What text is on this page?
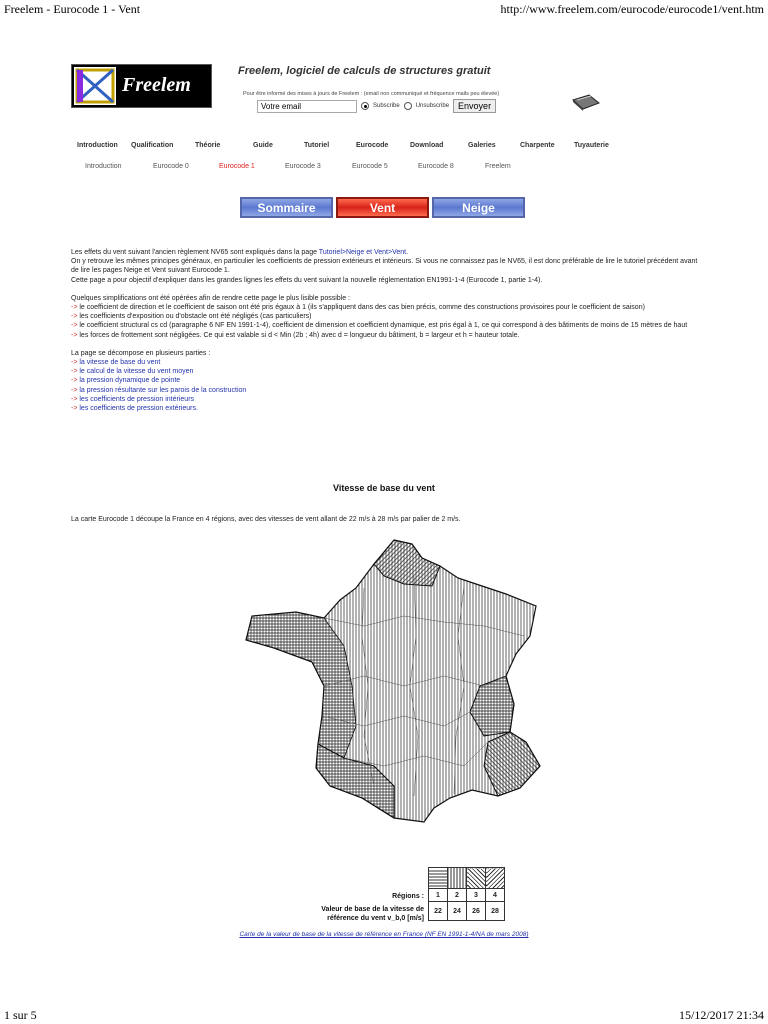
Freelem - Eurocode 1 - Vent	http://www.freelem.com/eurocode/eurocode1/vent.htm
Freelem
Freelem, logiciel de calculs de structures gratuit
Pour être informé des mises à jours de Freelem : (email non communiqué et fréquence mails peu élevée)
Votre email
Subscribe	Unsubscribe	Envoyer
Introduction Qualification	Théorie	Guide	Tutoriel	Eurocode	Download	Galeries	Charpente	Tuyauterie
Introduction	Eurocode 0	Eurocode 1	Eurocode 3	Eurocode 5	Eurocode 8	Freelem
Sommaire	Vent	Neige

Les effets du vent suivant l'ancien règlement NV65 sont expliqués dans la page Tutoriel>Neige et Vent>Vent.

On y retrouve les mêmes principes généraux, en particulier les coefficients de pression extérieurs et intérieurs. Si vous ne connaissez pas le NV65, il est donc préférable de lire le tutoriel précédent avant de lire les pages Neige et Vent suivant Eurocode 1.

Cette page a pour objectif d'expliquer dans les grandes lignes les effets du vent suivant la nouvelle réglementation EN1991-1-4 (Eurocode 1, partie 1-4).

Quelques simplifications ont été opérées afin de rendre cette page le plus lisible possible :

-> le coefficient de direction et le coefficient de saison ont été pris égaux à 1 (ils s'appliquent dans des cas bien précis, comme des constructions provisoires pour le coefficient de saison)

-> les coefficients d'exposition ou d'obstacle ont été négligés (cas particuliers)

-> le coefficient structural cs cd (paragraphe 6 NF EN 1991-1-4), coefficient de dimension et coefficient dynamique, est pris égal à 1, ce qui correspond à des bâtiments de moins de 15 mètres de haut

-> les forces de frottement sont négligées. Ce qui est valable si d < Min (2b ; 4h) avec d = longueur du bâtiment, b = largeur et h = hauteur totale.

La page se décompose en plusieurs parties :

-> la vitesse de base du vent

-> le calcul de la vitesse du vent moyen

-> la pression dynamique de pointe

-> la pression résultante sur les parois de la construction

-> les coefficients de pression intérieurs

-> les coefficients de pression extérieurs.

Vitesse de base du vent
La carte Eurocode 1 découpe la France en 4 régions, avec des vitesses de vent allant de 22 m/s à 28 m/s par palier de 2 m/s.
Régions :
Valeur de base de la vitesse de
référence du vent v_b,0 [m/s]

1	2	3	4
22	24	26	28
Carte de la valeur de base de la vitesse de référence en France (NF EN 1991-1-4/NA de mars 2008)
1 sur 5	15/12/2017 21:34
